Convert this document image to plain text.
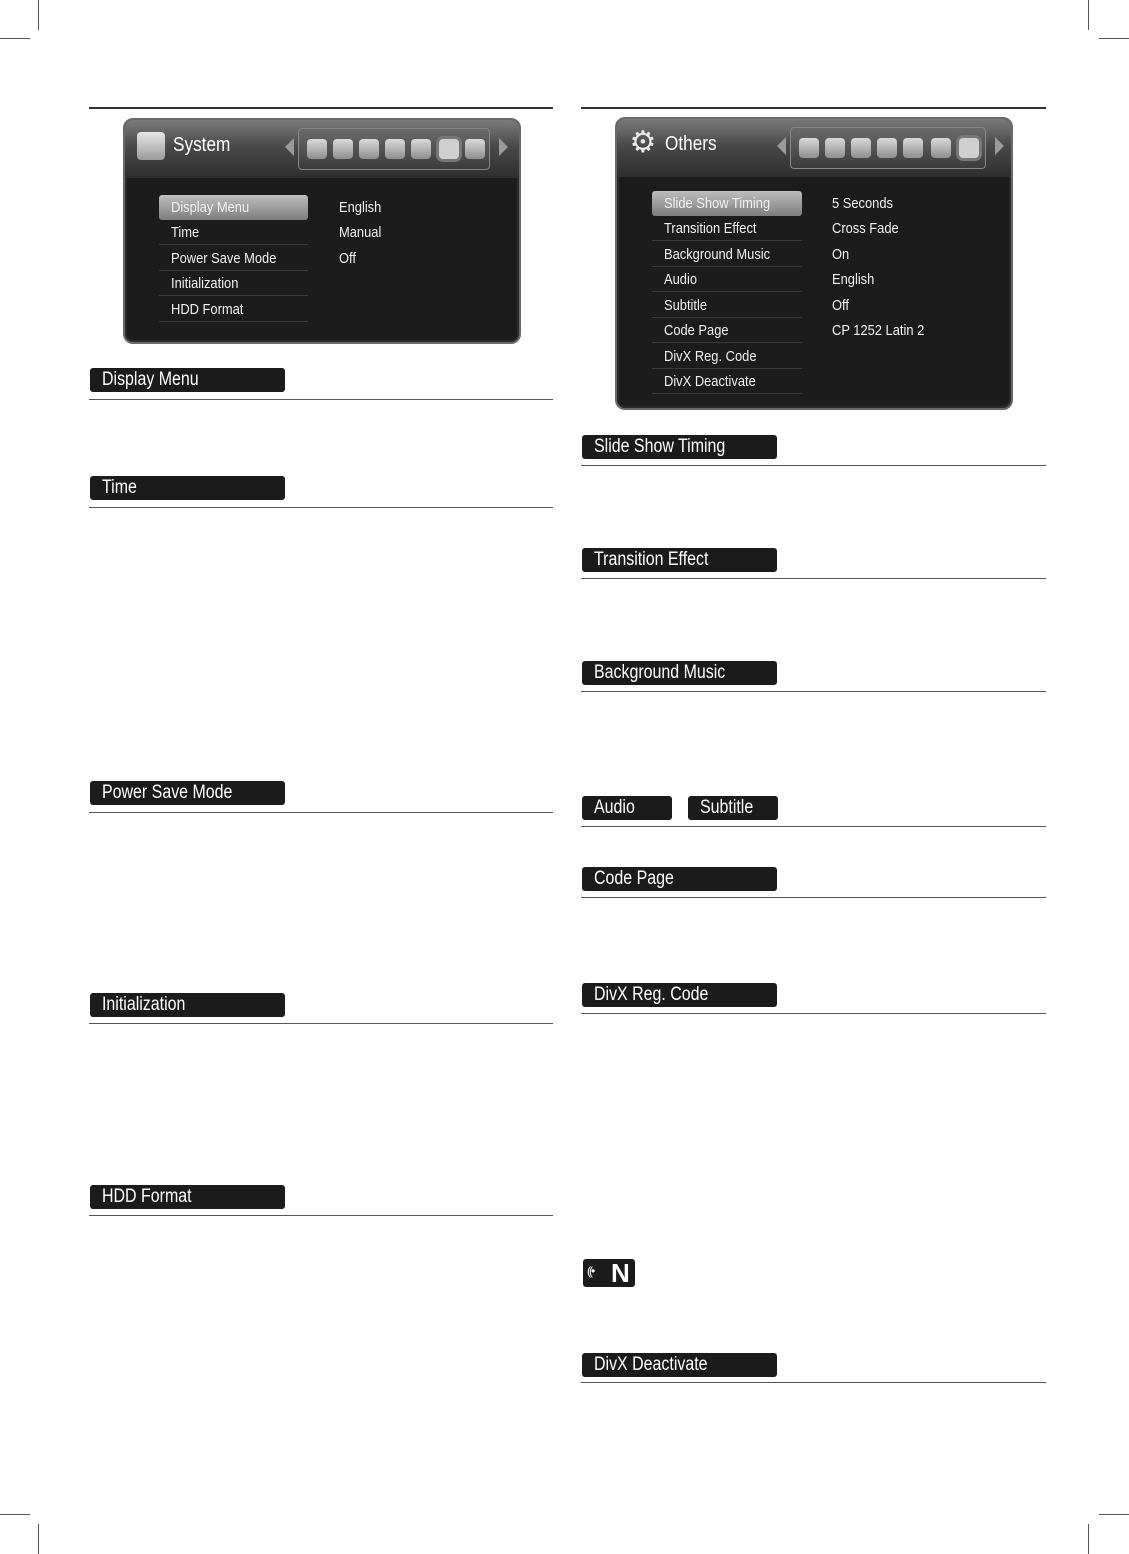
System
Display Menu
Time
Power Save Mode
Initialization
HDD Format
English
Manual
Off
⚙ Others
Slide Show Timing
Transition Effect
Background Music
Audio
Subtitle
Code Page
DivX Reg. Code
DivX Deactivate
5 Seconds
Cross Fade
On
English
Off
CP 1252 Latin 2
Display Menu
Time
Power Save Mode
Initialization
HDD Format
Slide Show Timing
Transition Effect
Background Music
Audio	Subtitle
Code Page
DivX Reg. Code
((• N
DivX Deactivate
